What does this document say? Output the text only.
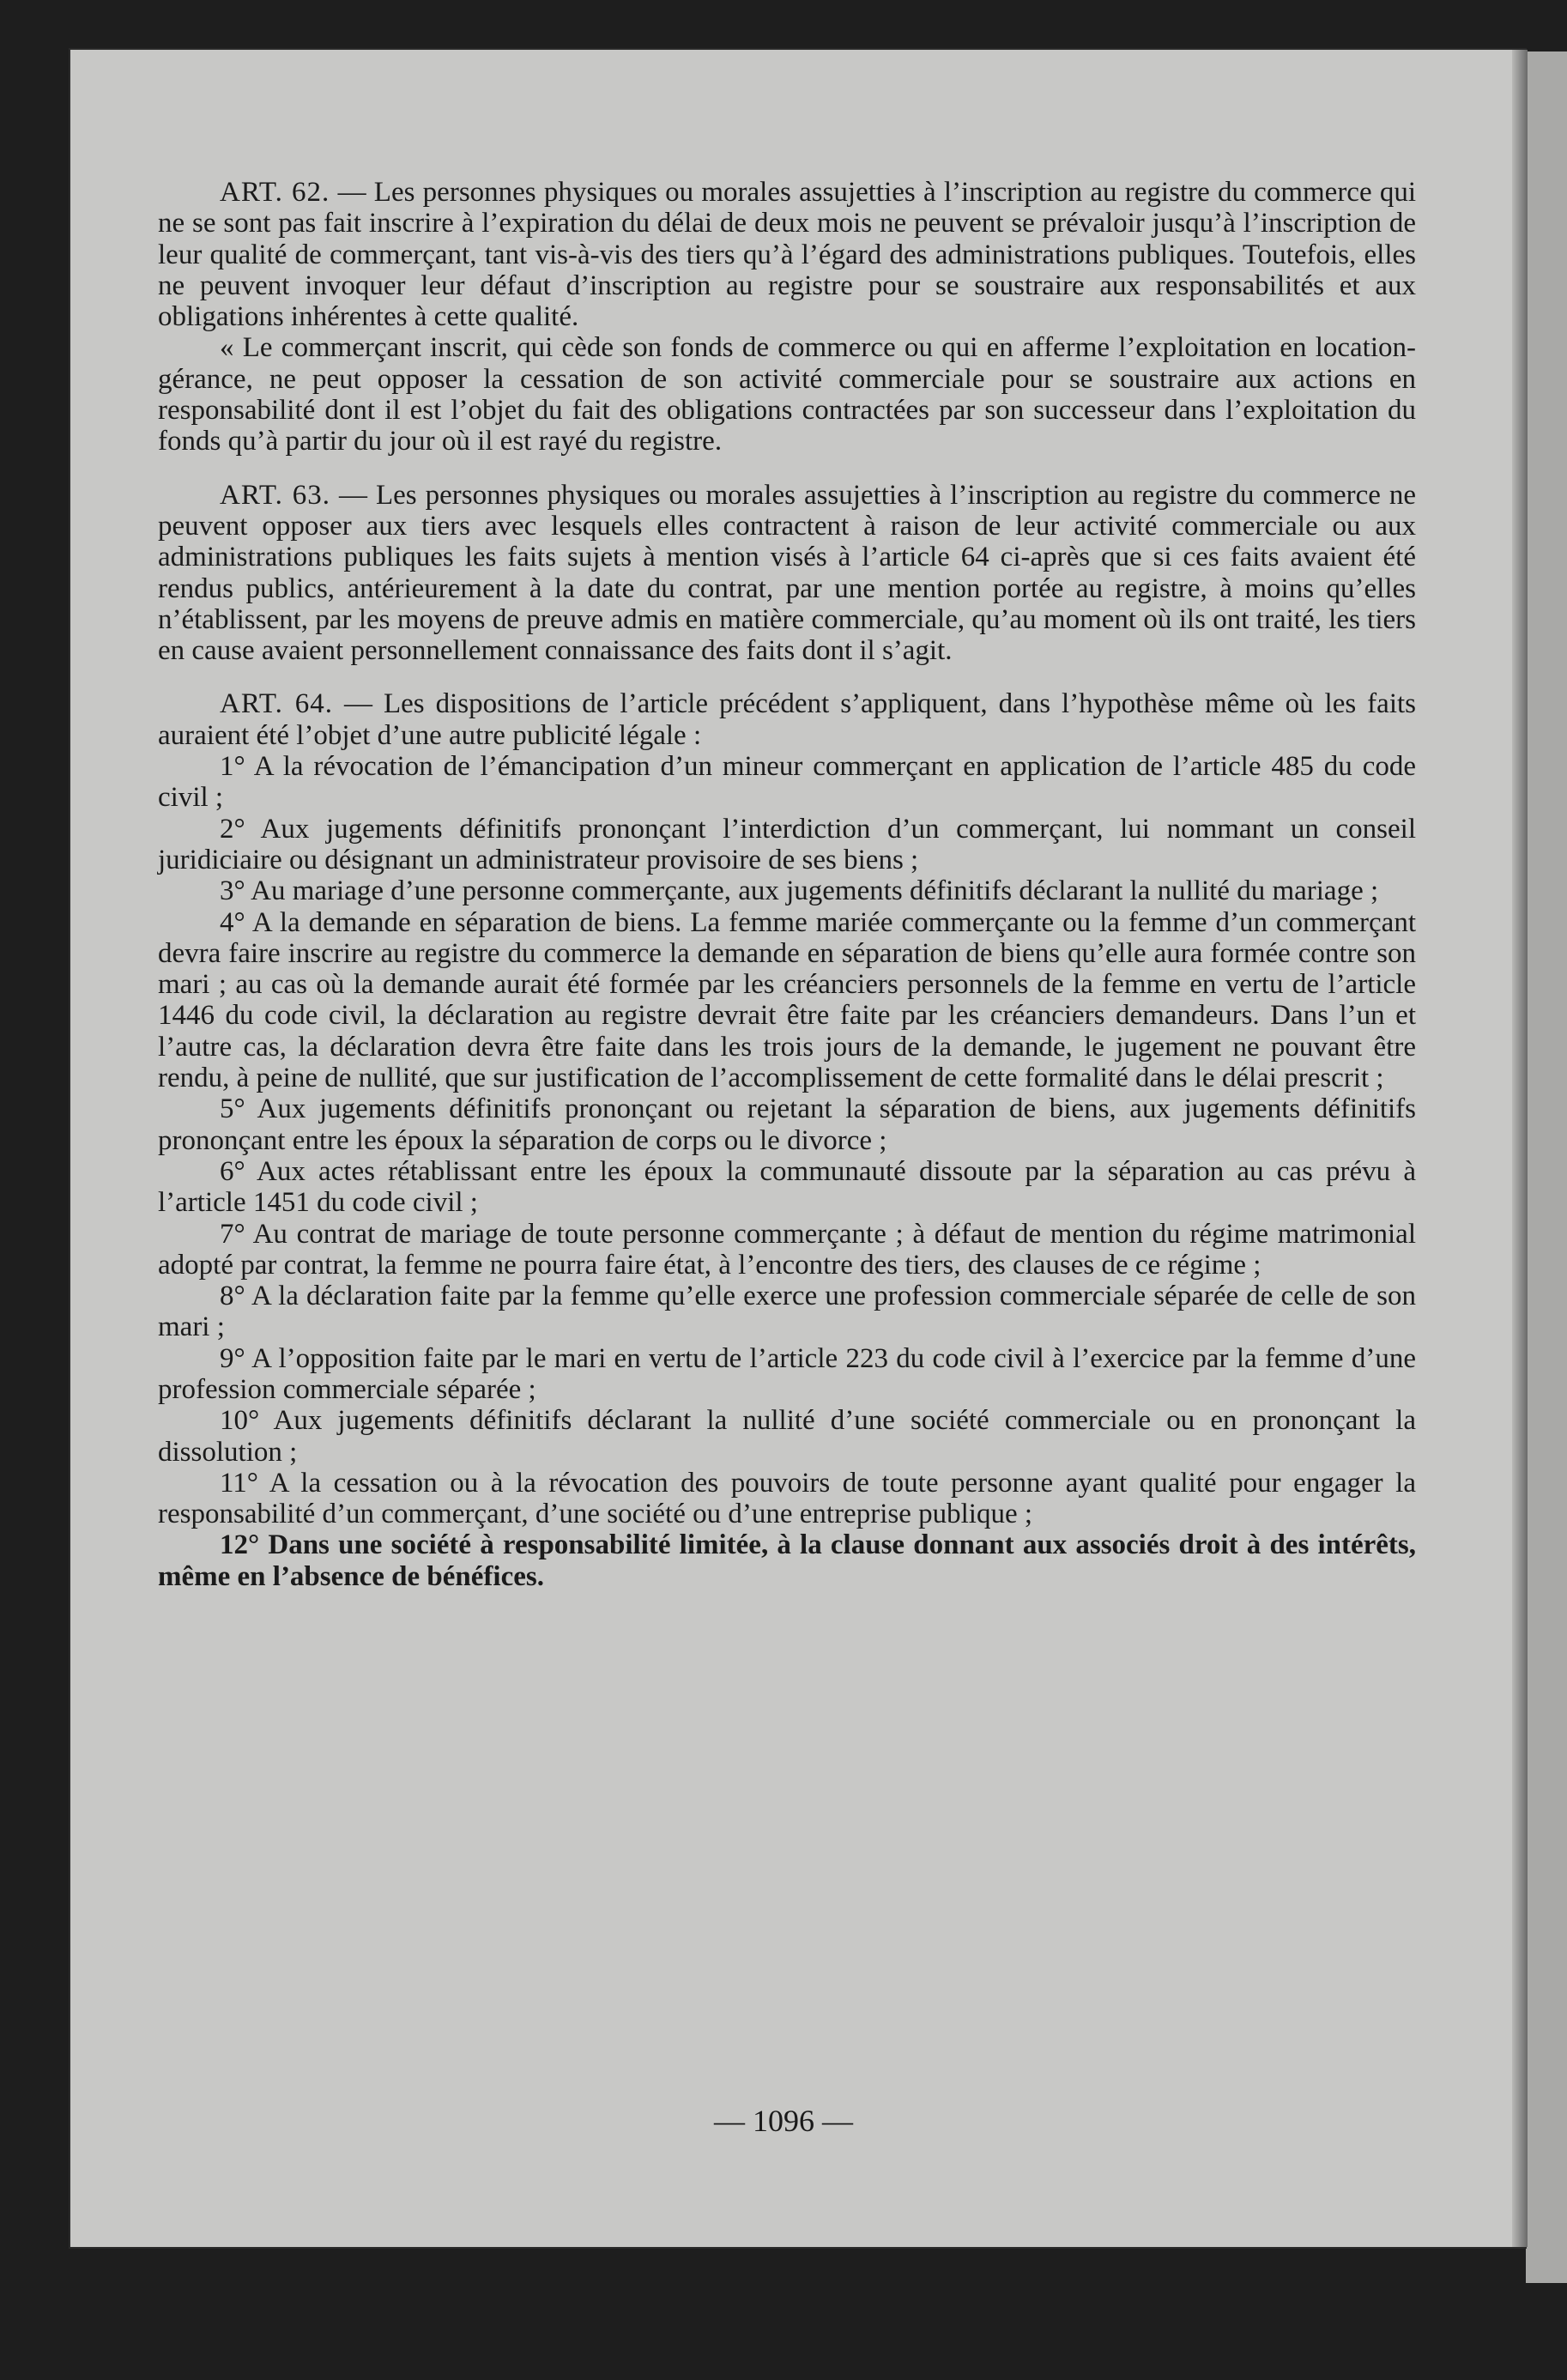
ART. 62. — Les personnes physiques ou morales assujetties à l’inscription au registre du commerce qui ne se sont pas fait inscrire à l’expiration du délai de deux mois ne peuvent se prévaloir jusqu’à l’inscription de leur qualité de commerçant, tant vis-à-vis des tiers qu’à l’égard des administrations publiques. Toutefois, elles ne peuvent invoquer leur défaut d’inscription au registre pour se soustraire aux responsabilités et aux obligations inhérentes à cette qualité.

« Le commerçant inscrit, qui cède son fonds de commerce ou qui en afferme l’exploitation en location-gérance, ne peut opposer la cessation de son activité commerciale pour se soustraire aux actions en responsabilité dont il est l’objet du fait des obligations contractées par son successeur dans l’exploitation du fonds qu’à partir du jour où il est rayé du registre.

ART. 63. — Les personnes physiques ou morales assujetties à l’inscription au registre du commerce ne peuvent opposer aux tiers avec lesquels elles contractent à raison de leur activité commerciale ou aux administrations publiques les faits sujets à mention visés à l’article 64 ci-après que si ces faits avaient été rendus publics, antérieurement à la date du contrat, par une mention portée au registre, à moins qu’elles n’établissent, par les moyens de preuve admis en matière commerciale, qu’au moment où ils ont traité, les tiers en cause avaient personnellement connaissance des faits dont il s’agit.

ART. 64. — Les dispositions de l’article précédent s’appliquent, dans l’hypothèse même où les faits auraient été l’objet d’une autre publicité légale :

1° A la révocation de l’émancipation d’un mineur commerçant en application de l’article 485 du code civil ;

2° Aux jugements définitifs prononçant l’interdiction d’un commerçant, lui nommant un conseil juridiciaire ou désignant un administrateur provisoire de ses biens ;

3° Au mariage d’une personne commerçante, aux jugements définitifs déclarant la nullité du mariage ;

4° A la demande en séparation de biens. La femme mariée commerçante ou la femme d’un commerçant devra faire inscrire au registre du commerce la demande en séparation de biens qu’elle aura formée contre son mari ; au cas où la demande aurait été formée par les créanciers personnels de la femme en vertu de l’article 1446 du code civil, la déclaration au registre devrait être faite par les créanciers demandeurs. Dans l’un et l’autre cas, la déclaration devra être faite dans les trois jours de la demande, le jugement ne pouvant être rendu, à peine de nullité, que sur justification de l’accomplissement de cette formalité dans le délai prescrit ;

5° Aux jugements définitifs prononçant ou rejetant la séparation de biens, aux jugements définitifs prononçant entre les époux la séparation de corps ou le divorce ;

6° Aux actes rétablissant entre les époux la communauté dissoute par la séparation au cas prévu à l’article 1451 du code civil ;

7° Au contrat de mariage de toute personne commerçante ; à défaut de mention du régime matrimonial adopté par contrat, la femme ne pourra faire état, à l’encontre des tiers, des clauses de ce régime ;

8° A la déclaration faite par la femme qu’elle exerce une profession commerciale séparée de celle de son mari ;

9° A l’opposition faite par le mari en vertu de l’article 223 du code civil à l’exercice par la femme d’une profession commerciale séparée ;

10° Aux jugements définitifs déclarant la nullité d’une société commerciale ou en prononçant la dissolution ;

11° A la cessation ou à la révocation des pouvoirs de toute personne ayant qualité pour engager la responsabilité d’un commerçant, d’une société ou d’une entreprise publique ;

12° Dans une société à responsabilité limitée, à la clause donnant aux associés droit à des intérêts, même en l’absence de bénéfices.

— 1096 —
